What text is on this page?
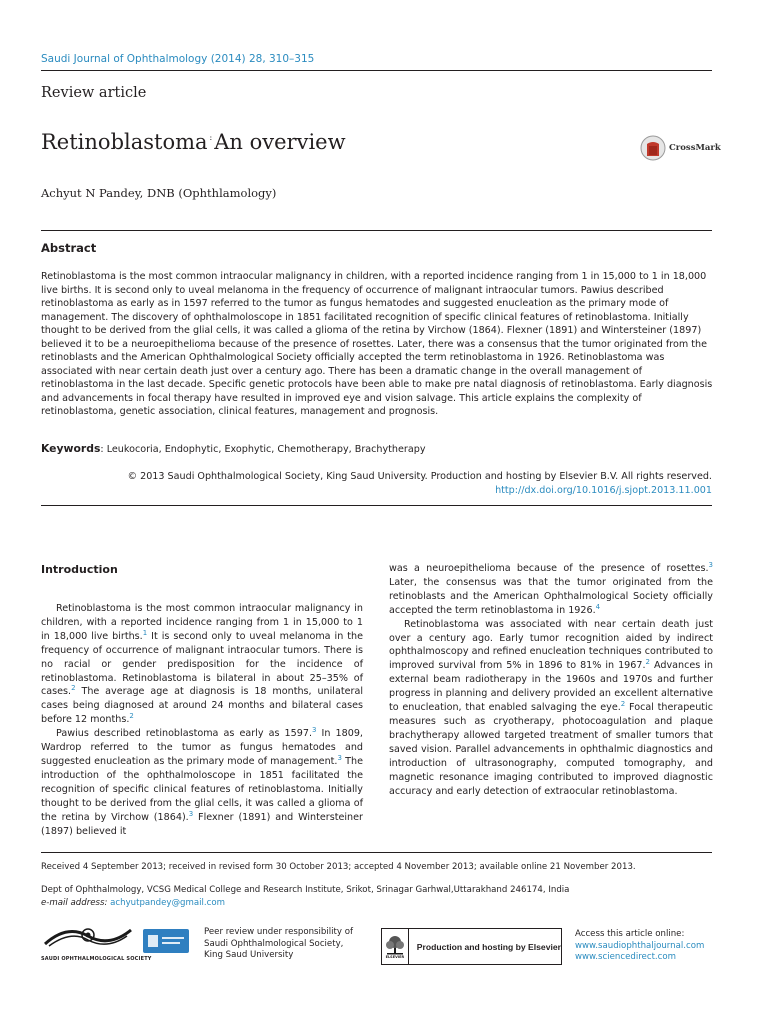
Saudi Journal of Ophthalmology (2014) 28, 310–315
Review article
Retinoblastoma :An overview	CrossMark
Achyut N Pandey, DNB (Ophthlamology)
Abstract
Retinoblastoma is the most common intraocular malignancy in children, with a reported incidence ranging from 1 in 15,000 to 1 in 18,000 live births. It is second only to uveal melanoma in the frequency of occurrence of malignant intraocular tumors. Pawius described retinoblastoma as early as in 1597 referred to the tumor as fungus hematodes and suggested enucleation as the primary mode of management. The discovery of ophthalmoloscope in 1851 facilitated recognition of specific clinical features of retinoblastoma. Initially thought to be derived from the glial cells, it was called a glioma of the retina by Virchow (1864). Flexner (1891) and Wintersteiner (1897) believed it to be a neuroepithelioma because of the presence of rosettes. Later, there was a consensus that the tumor originated from the retinoblasts and the American Ophthalmological Society officially accepted the term retinoblastoma in 1926. Retinoblastoma was associated with near certain death just over a century ago. There has been a dramatic change in the overall management of retinoblastoma in the last decade. Specific genetic protocols have been able to make pre natal diagnosis of retinoblastoma. Early diagnosis and advancements in focal therapy have resulted in improved eye and vision salvage. This article explains the complexity of retinoblastoma, genetic association, clinical features, management and prognosis.
Keywords: Leukocoria, Endophytic, Exophytic, Chemotherapy, Brachytherapy
© 2013 Saudi Ophthalmological Society, King Saud University. Production and hosting by Elsevier B.V. All rights reserved.
http://dx.doi.org/10.1016/j.sjopt.2013.11.001
Introduction

Retinoblastoma is the most common intraocular malignancy in children, with a reported incidence ranging from 1 in 15,000 to 1 in 18,000 live births.$^1$ It is second only to uveal melanoma in the frequency of occurrence of malignant intraocular tumors. There is no racial or gender predisposition for the incidence of retinoblastoma. Retinoblastoma is bilateral in about 25–35% of cases.$^2$ The average age at diagnosis is 18 months, unilateral cases being diagnosed at around 24 months and bilateral cases before 12 months.$^2$

Pawius described retinoblastoma as early as 1597.$^3$ In 1809, Wardrop referred to the tumor as fungus hematodes and suggested enucleation as the primary mode of management.$^3$ The introduction of the ophthalmoloscope in 1851 facilitated the recognition of specific clinical features of retinoblastoma. Initially thought to be derived from the glial cells, it was called a glioma of the retina by Virchow (1864).$^3$ Flexner (1891) and Wintersteiner (1897) believed it

was a neuroepithelioma because of the presence of rosettes.$^3$ Later, the consensus was that the tumor originated from the retinoblasts and the American Ophthalmological Society officially accepted the term retinoblastoma in 1926.$^4$

Retinoblastoma was associated with near certain death just over a century ago. Early tumor recognition aided by indirect ophthalmoscopy and refined enucleation techniques contributed to improved survival from 5% in 1896 to 81% in 1967.$^2$ Advances in external beam radiotherapy in the 1960s and 1970s and further progress in planning and delivery provided an excellent alternative to enucleation, that enabled salvaging the eye.$^2$ Focal therapeutic measures such as cryotherapy, photocoagulation and plaque brachytherapy allowed targeted treatment of smaller tumors that saved vision. Parallel advancements in ophthalmic diagnostics and introduction of ultrasonography, computed tomography, and magnetic resonance imaging contributed to improved diagnostic accuracy and early detection of extraocular retinoblastoma.

Received 4 September 2013; received in revised form 30 October 2013; accepted 4 November 2013; available online 21 November 2013.
Dept of Ophthalmology, VCSG Medical College and Research Institute, Srikot, Srinagar Garhwal,Uttarakhand 246174, India
e-mail address: achyutpandey@gmail.com
SAUDI OPHTHALMOLOGICAL SOCIETY
Peer review under responsibility of Saudi Ophthalmological Society, King Saud University	ELSEVIER
Production and hosting by Elsevier
Access this article online:
www.saudiophthaljournal.com
www.sciencedirect.com
